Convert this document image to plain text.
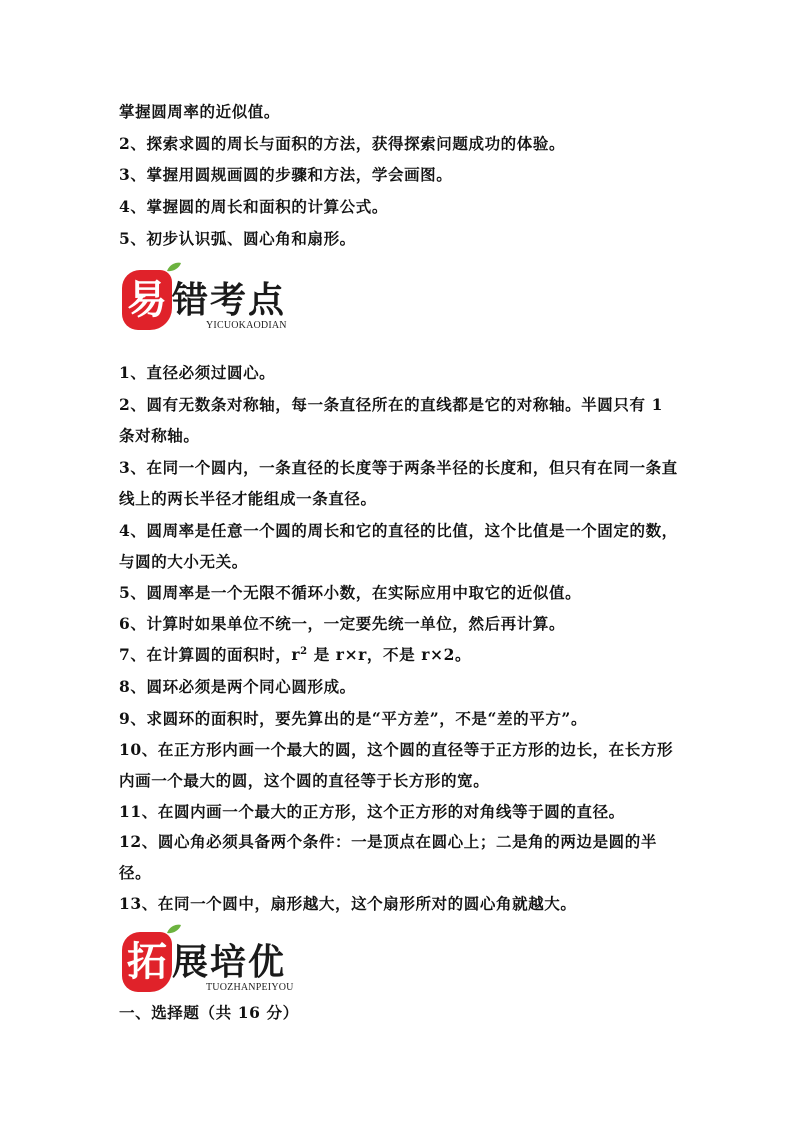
掌握圆周率的近似值。
2、探索求圆的周长与面积的方法，获得探索问题成功的体验。
3、掌握用圆规画圆的步骤和方法，学会画图。
4、掌握圆的周长和面积的计算公式。
5、初步认识弧、圆心角和扇形。
易 错考点
YICUOKAODIAN
1、直径必须过圆心。
2、圆有无数条对称轴，每一条直径所在的直线都是它的对称轴。半圆只有 1 条对称轴。
3、在同一个圆内，一条直径的长度等于两条半径的长度和，但只有在同一条直线上的两长半径才能组成一条直径。
4、圆周率是任意一个圆的周长和它的直径的比值，这个比值是一个固定的数，与圆的大小无关。
5、圆周率是一个无限不循环小数，在实际应用中取它的近似值。
6、计算时如果单位不统一，一定要先统一单位，然后再计算。
7、在计算圆的面积时，$r^2$ 是 r×r，不是 r×2。
8、圆环必须是两个同心圆形成。
9、求圆环的面积时，要先算出的是“平方差”，不是“差的平方”。
10、在正方形内画一个最大的圆，这个圆的直径等于正方形的边长，在长方形内画一个最大的圆，这个圆的直径等于长方形的宽。
11、在圆内画一个最大的正方形，这个正方形的对角线等于圆的直径。
12、圆心角必须具备两个条件：一是顶点在圆心上；二是角的两边是圆的半径。
13、在同一个圆中，扇形越大，这个扇形所对的圆心角就越大。
拓 展培优
TUOZHANPEIYOU
一、选择题（共 16 分）
